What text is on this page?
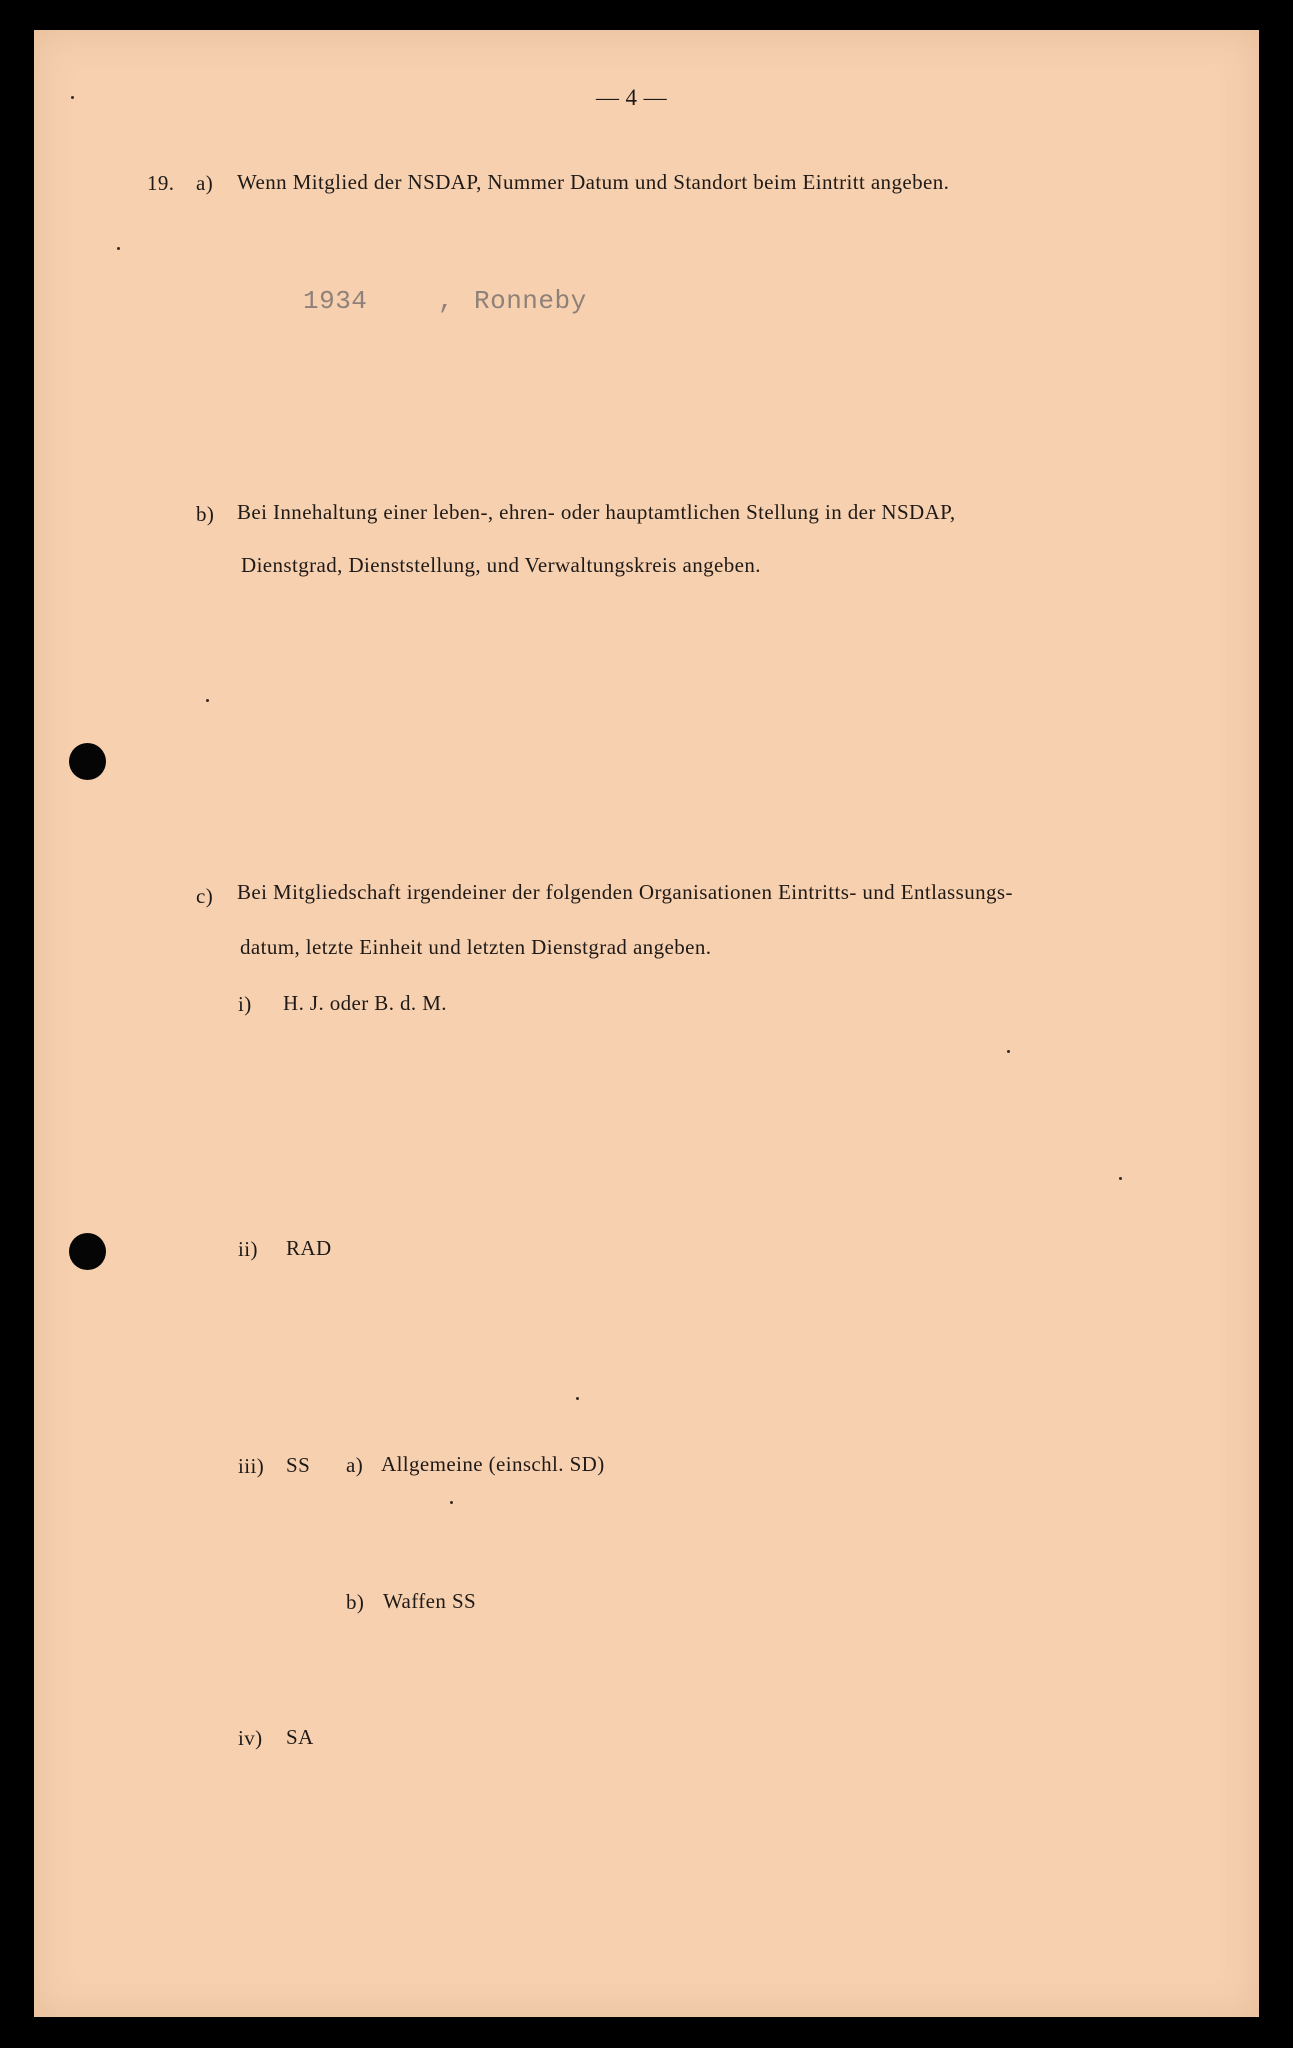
— 4 —
19. a) Wenn Mitglied der NSDAP, Nummer Datum und Standort beim Eintritt angeben.
1934	, Ronneby
b) Bei Innehaltung einer leben-, ehren- oder hauptamtlichen Stellung in der NSDAP,
Dienstgrad, Dienststellung, und Verwaltungskreis angeben.
c) Bei Mitgliedschaft irgendeiner der folgenden Organisationen Eintritts- und Entlassungs-
datum, letzte Einheit und letzten Dienstgrad angeben.
i) H. J. oder B. d. M.
ii) RAD
iii) SS a) Allgemeine (einschl. SD)
b) Waffen SS
iv) SA
